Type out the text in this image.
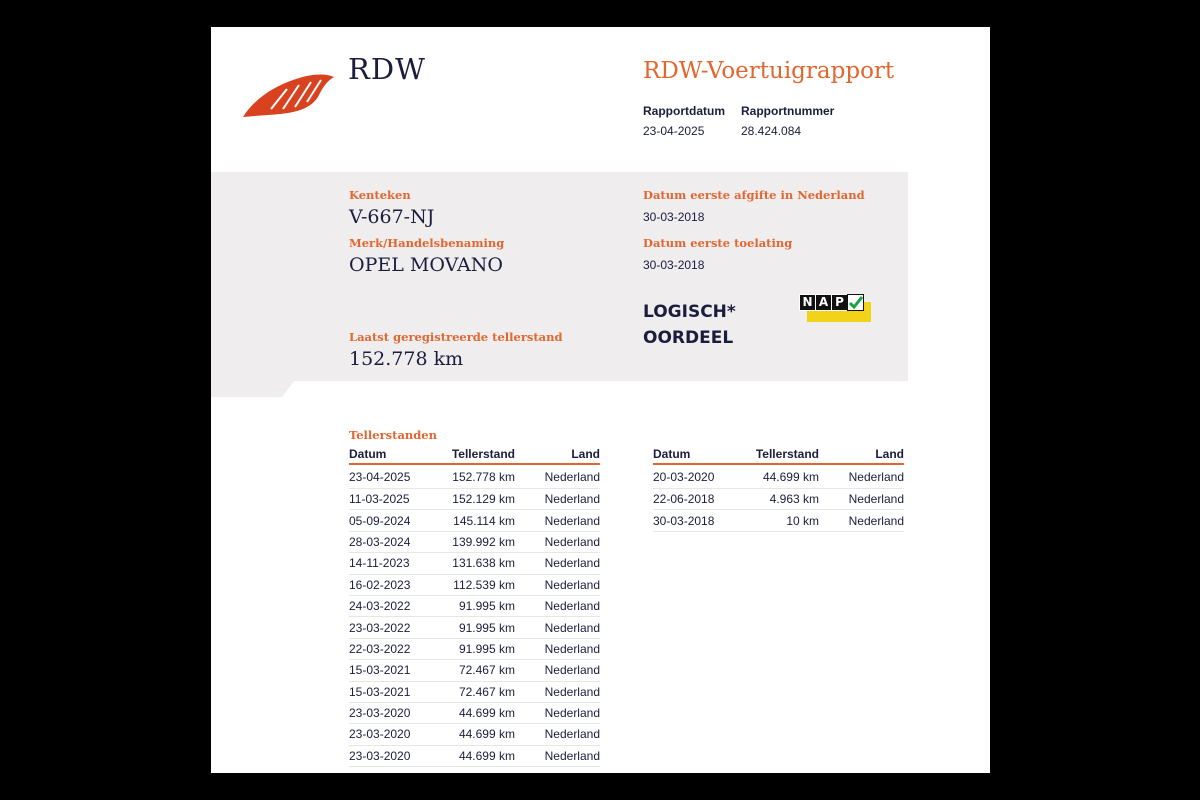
RDW	RDW-Voertuigrapport
Rapportdatum
23-04-2025
Rapportnummer
28.424.084
Kenteken
V-667-NJ
Merk/Handelsbenaming
OPEL MOVANO
Laatst geregistreerde tellerstand
152.778 km
Datum eerste afgifte in Nederland
30-03-2018
Datum eerste toelating
30-03-2018
LOGISCH*
OORDEEL
N A P
Tellerstanden
Datum	Tellerstand	Land
23-04-2025	152.778 km	Nederland
11-03-2025	152.129 km	Nederland
05-09-2024	145.114 km	Nederland
28-03-2024	139.992 km	Nederland
14-11-2023	131.638 km	Nederland
16-02-2023	112.539 km	Nederland
24-03-2022	91.995 km	Nederland
23-03-2022	91.995 km	Nederland
22-03-2022	91.995 km	Nederland
15-03-2021	72.467 km	Nederland
15-03-2021	72.467 km	Nederland
23-03-2020	44.699 km	Nederland
23-03-2020	44.699 km	Nederland
23-03-2020	44.699 km	Nederland
Datum	Tellerstand	Land
20-03-2020	44.699 km	Nederland
22-06-2018	4.963 km	Nederland
30-03-2018	10 km	Nederland
